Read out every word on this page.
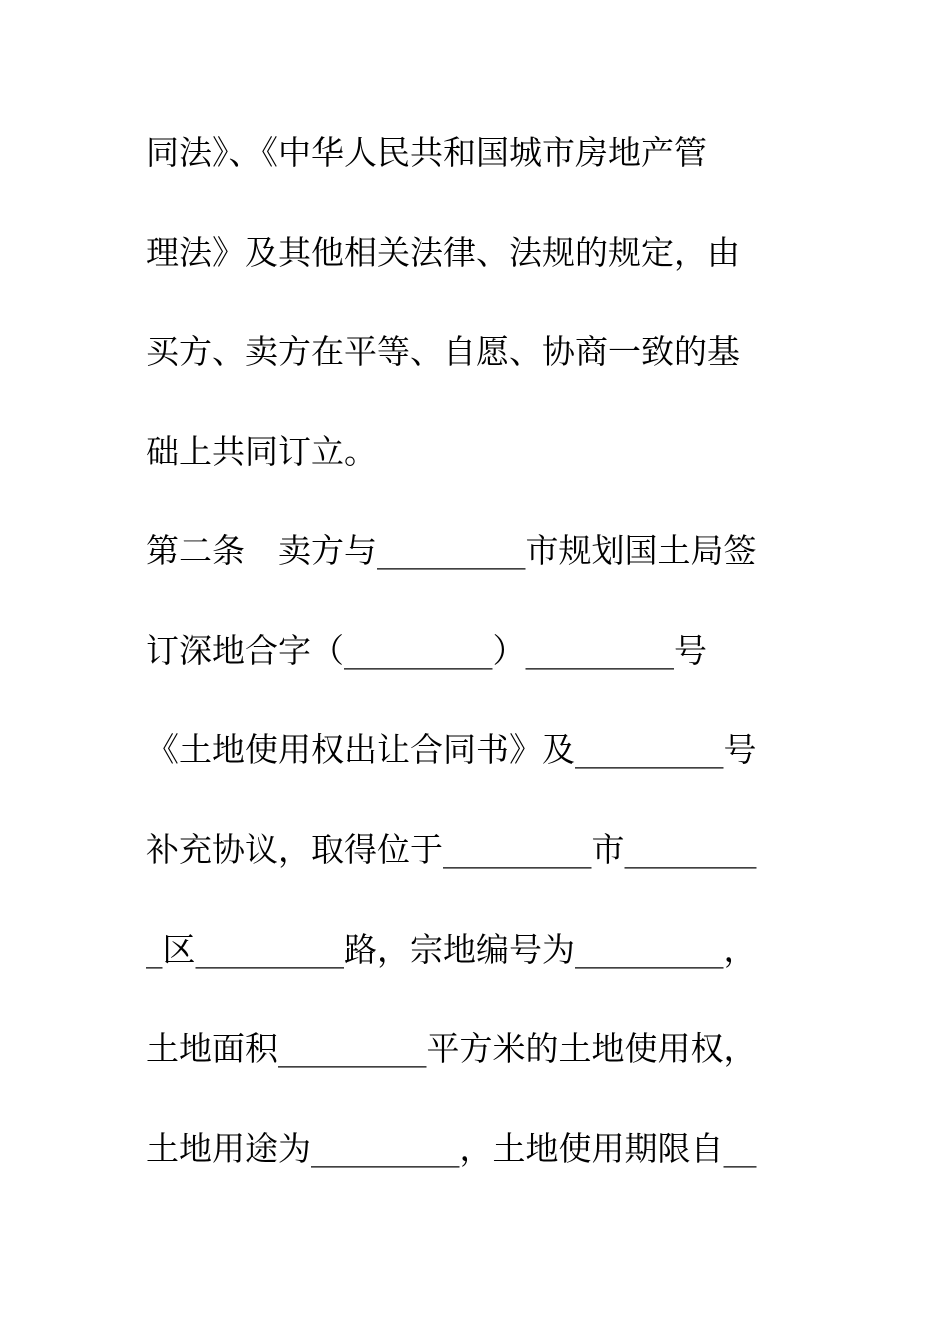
同法》、《中华人民共和国城市房地产管
理法》及其他相关法律、法规的规定，由
买方、卖方在平等、自愿、协商一致的基
础上共同订立。
第二条　卖方与_________市规划国土局签
订深地合字（_________）_________号
《土地使用权出让合同书》及_________号
补充协议，取得位于_________市________
_区_________路，宗地编号为_________，
土地面积_________平方米的土地使用权，
土地用途为_________，土地使用期限自__
